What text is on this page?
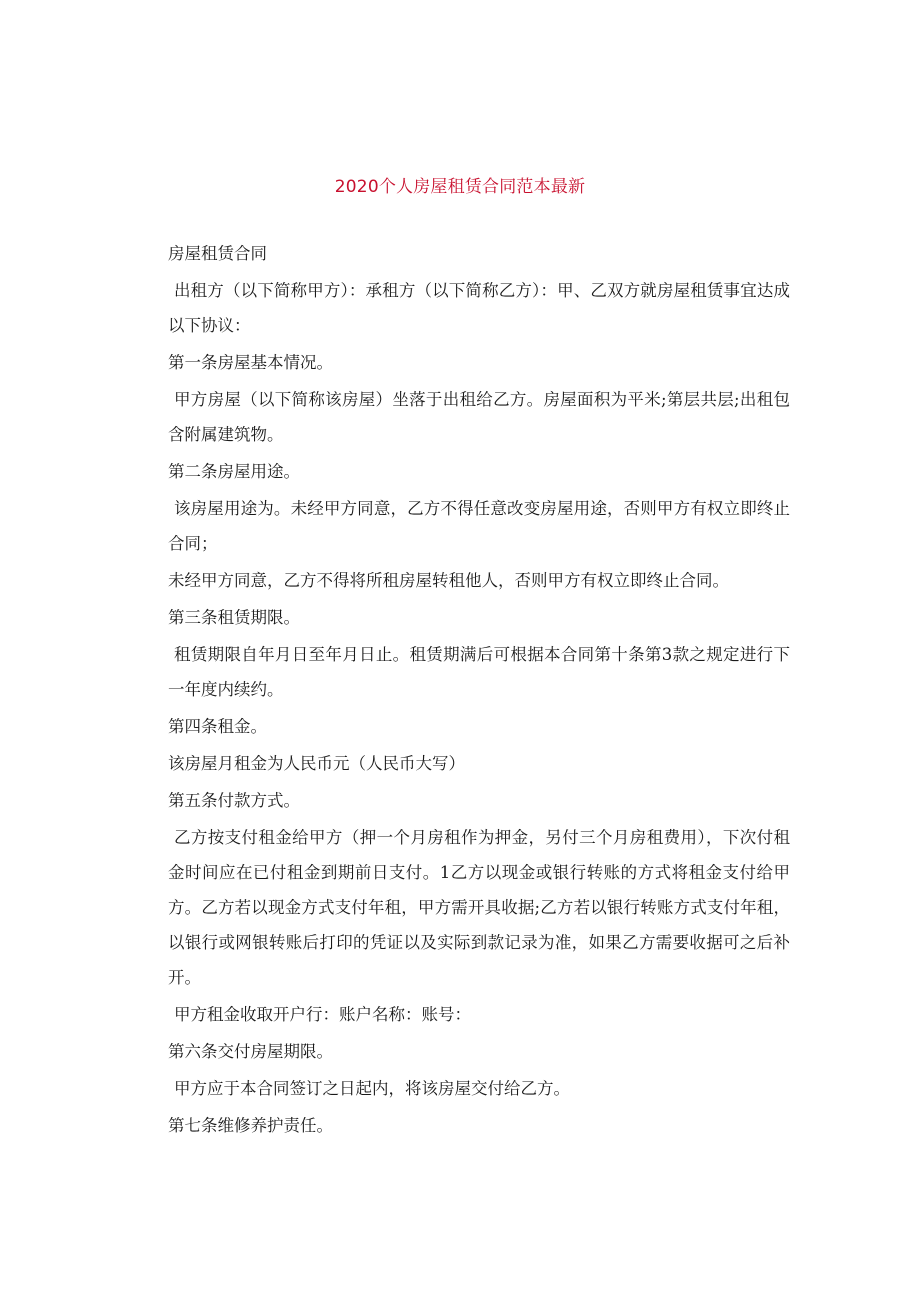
2020个人房屋租赁合同范本最新

房屋租赁合同

出租方（以下简称甲方）：承租方（以下简称乙方）：甲、乙双方就房屋租赁事宜达成以下协议：

第一条房屋基本情况。

甲方房屋（以下简称该房屋）坐落于出租给乙方。房屋面积为平米;第层共层;出租包含附属建筑物。

第二条房屋用途。

该房屋用途为。未经甲方同意，乙方不得任意改变房屋用途，否则甲方有权立即终止合同；

未经甲方同意，乙方不得将所租房屋转租他人，否则甲方有权立即终止合同。

第三条租赁期限。

租赁期限自年月日至年月日止。租赁期满后可根据本合同第十条第3款之规定进行下一年度内续约。

第四条租金。

该房屋月租金为人民币元（人民币大写）

第五条付款方式。

乙方按支付租金给甲方（押一个月房租作为押金，另付三个月房租费用），下次付租金时间应在已付租金到期前日支付。1乙方以现金或银行转账的方式将租金支付给甲方。乙方若以现金方式支付年租，甲方需开具收据;乙方若以银行转账方式支付年租，以银行或网银转账后打印的凭证以及实际到款记录为准，如果乙方需要收据可之后补开。

甲方租金收取开户行：账户名称：账号：

第六条交付房屋期限。

甲方应于本合同签订之日起内，将该房屋交付给乙方。

第七条维修养护责任。
